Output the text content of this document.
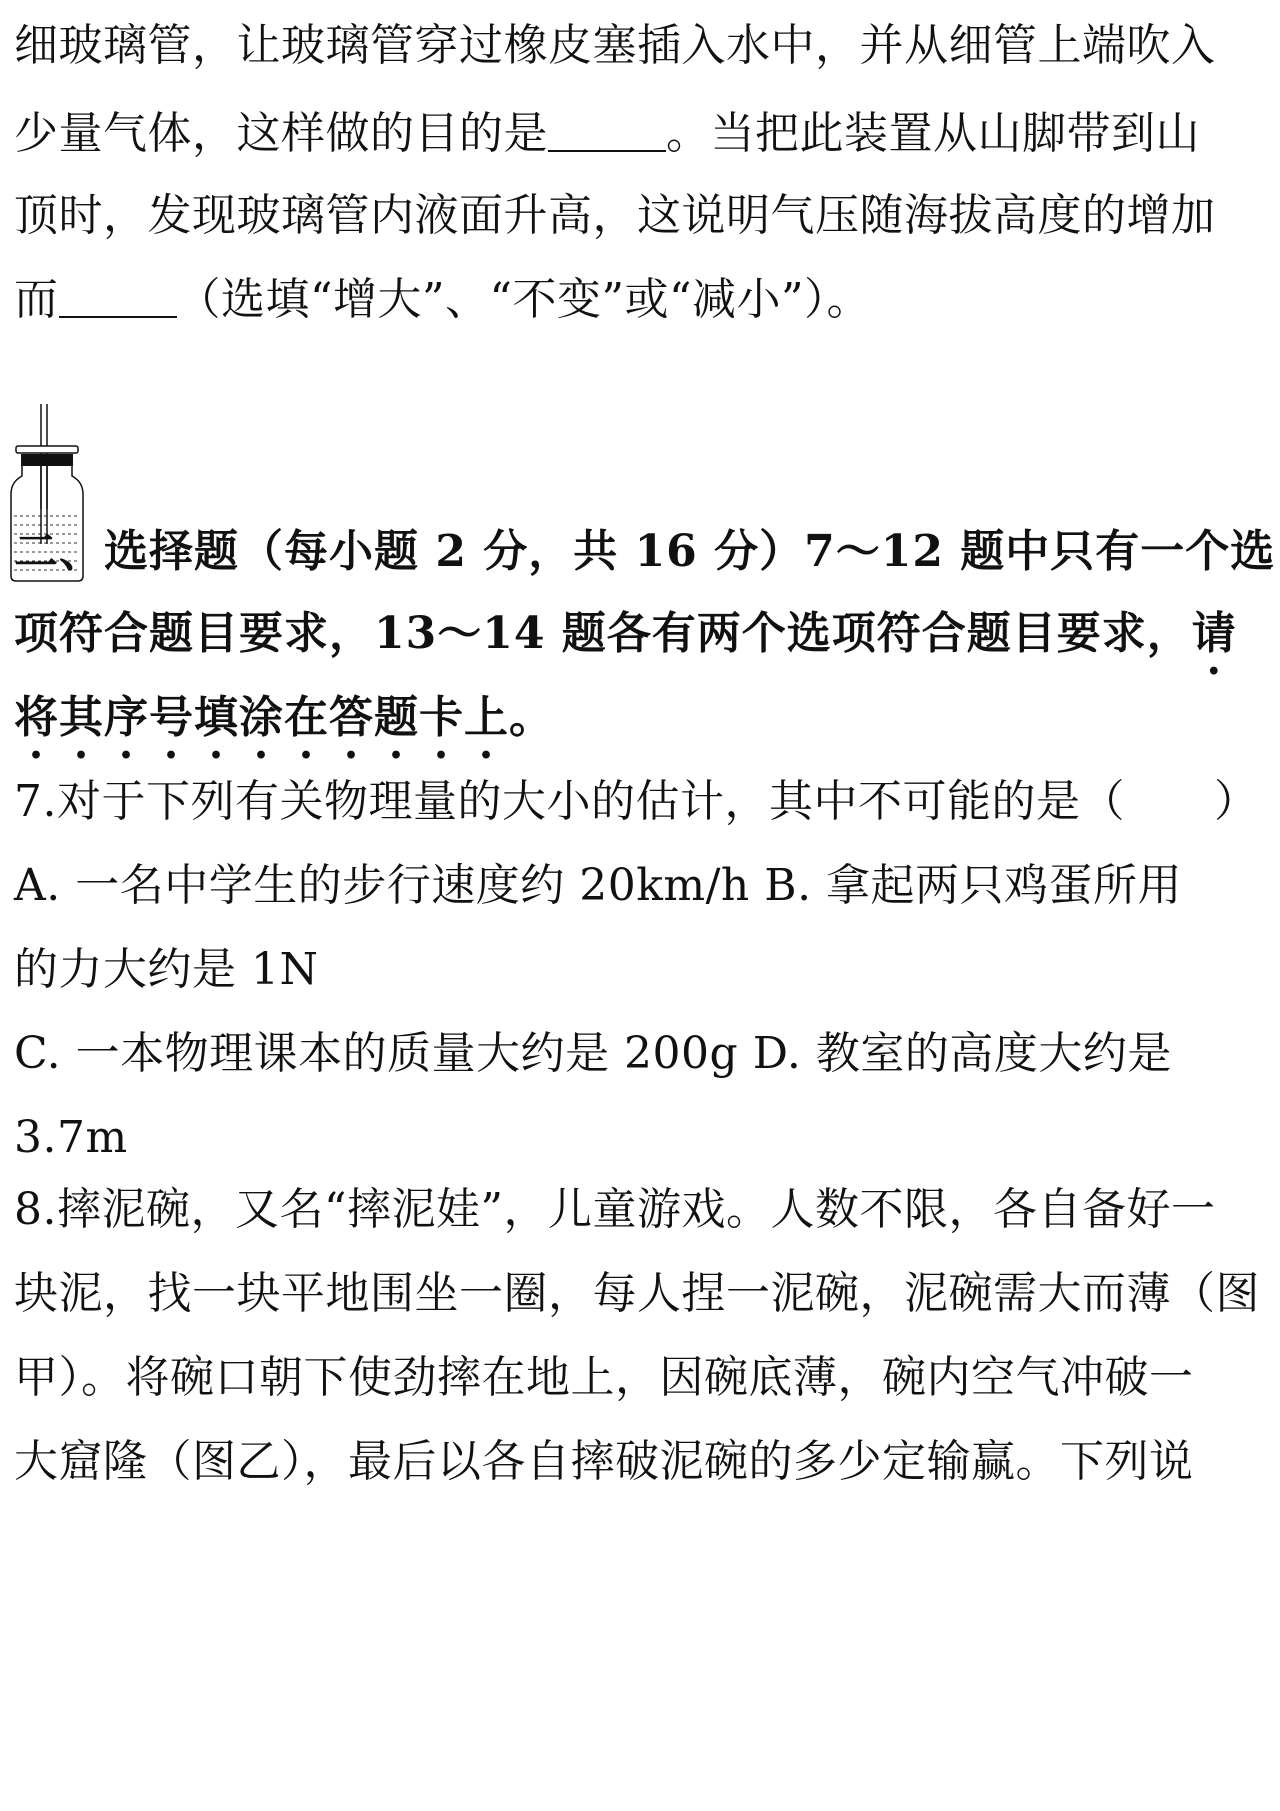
细玻璃管，让玻璃管穿过橡皮塞插入水中，并从细管上端吹入
少量气体，这样做的目的是	。当把此装置从山脚带到山
顶时，发现玻璃管内液面升高，这说明气压随海拔高度的增加
而	（选填“增大”、“不变”或“减小”）。
二、选择题（每小题 2 分，共 16 分）7～12 题中只有一个选
项符合题目要求，13～14 题各有两个选项符合题目要求，请
将其序号填涂在答题卡上。
7.对于下列有关物理量的大小的估计，其中不可能的是（　　）
A. 一名中学生的步行速度约 20km/h B. 拿起两只鸡蛋所用
的力大约是 1N
C. 一本物理课本的质量大约是 200g D. 教室的高度大约是
3.7m
8.摔泥碗，又名“摔泥娃”，儿童游戏。人数不限，各自备好一
块泥，找一块平地围坐一圈，每人捏一泥碗，泥碗需大而薄（图
甲）。将碗口朝下使劲摔在地上，因碗底薄，碗内空气冲破一
大窟隆（图乙），最后以各自摔破泥碗的多少定输赢。下列说
